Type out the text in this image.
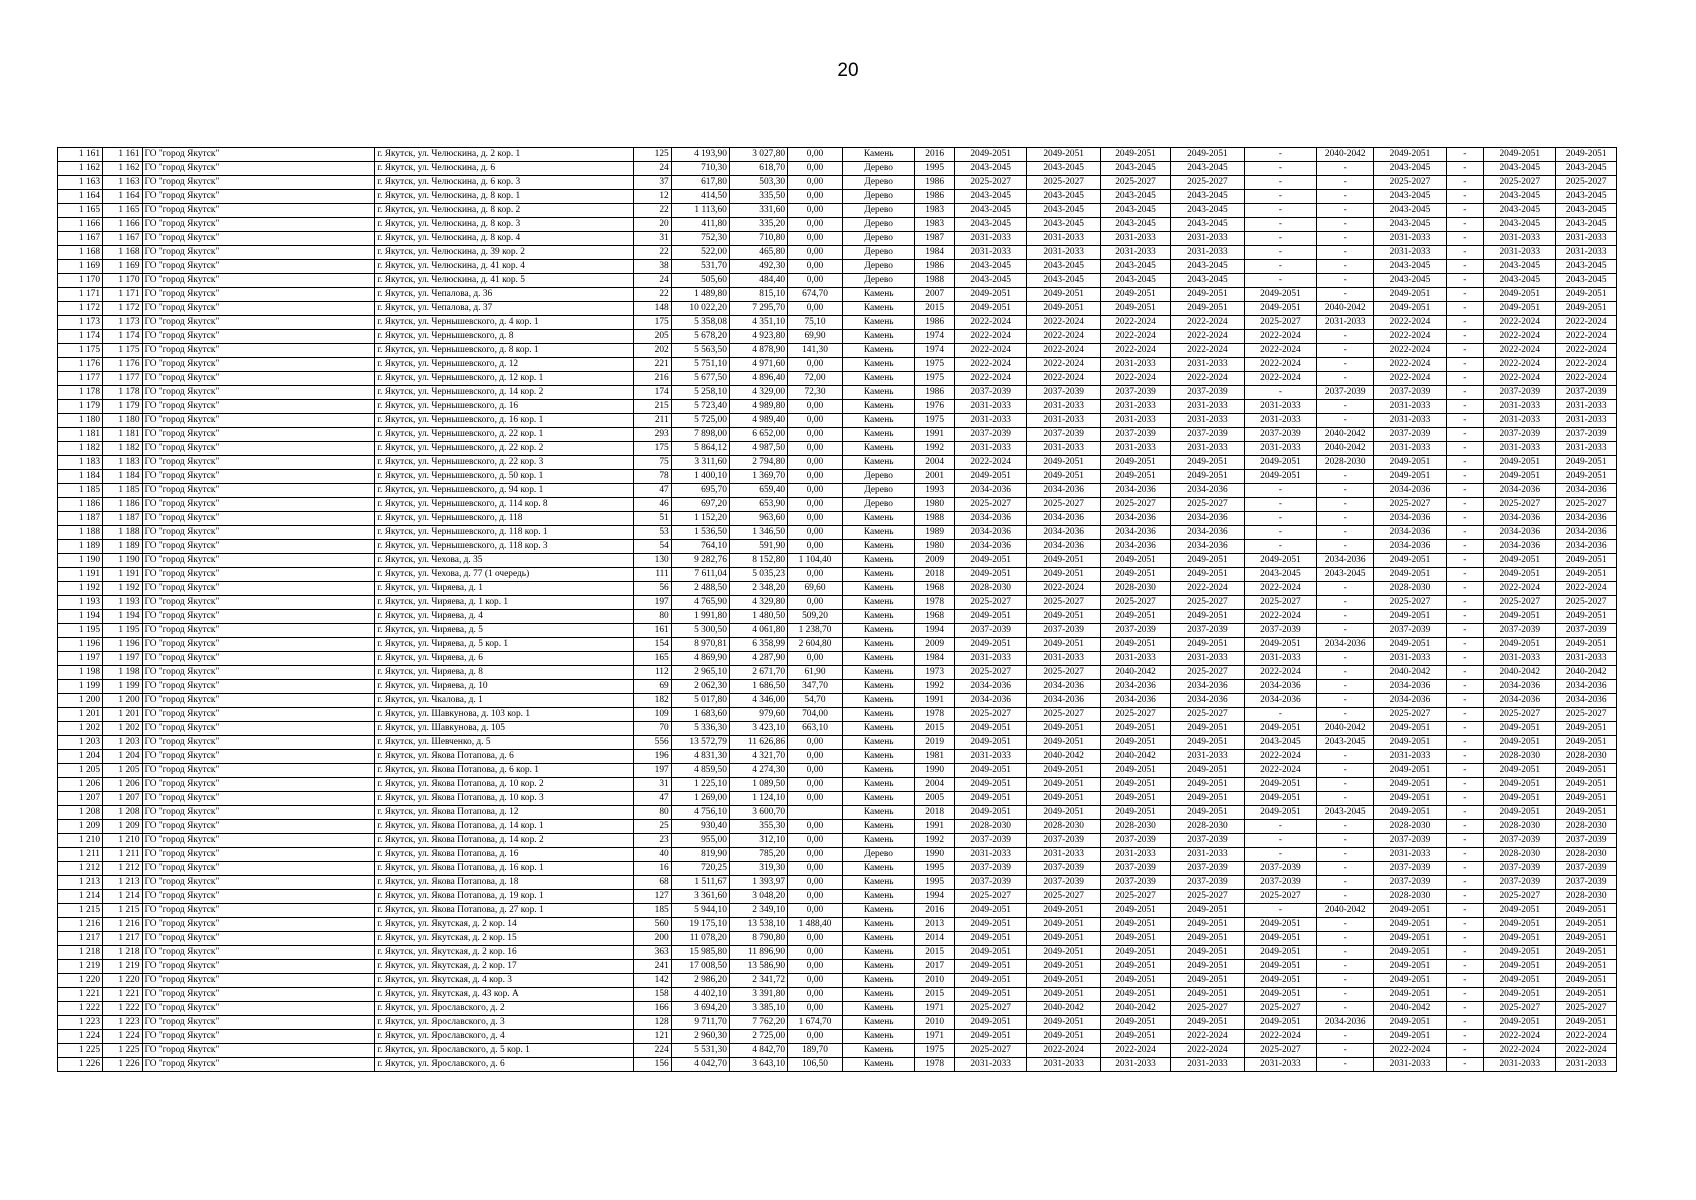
20
1 161	1 161	ГО "город Якутск"	г. Якутск, ул. Челюскина, д. 2 кор. 1	125	4 193,90	3 027,80	0,00	Камень	2016	2049-2051	2049-2051	2049-2051	2049-2051	-	2040-2042	2049-2051	-	2049-2051	2049-2051
1 162	1 162	ГО "город Якутск"	г. Якутск, ул. Челюскина, д. 6	24	710,30	618,70	0,00	Дерево	1995	2043-2045	2043-2045	2043-2045	2043-2045	-	-	2043-2045	-	2043-2045	2043-2045
1 163	1 163	ГО "город Якутск"	г. Якутск, ул. Челюскина, д. 6 кор. 3	37	617,80	503,30	0,00	Дерево	1986	2025-2027	2025-2027	2025-2027	2025-2027	-	-	2025-2027	-	2025-2027	2025-2027
1 164	1 164	ГО "город Якутск"	г. Якутск, ул. Челюскина, д. 8 кор. 1	12	414,50	335,50	0,00	Дерево	1986	2043-2045	2043-2045	2043-2045	2043-2045	-	-	2043-2045	-	2043-2045	2043-2045
1 165	1 165	ГО "город Якутск"	г. Якутск, ул. Челюскина, д. 8 кор. 2	22	1 113,60	331,60	0,00	Дерево	1983	2043-2045	2043-2045	2043-2045	2043-2045	-	-	2043-2045	-	2043-2045	2043-2045
1 166	1 166	ГО "город Якутск"	г. Якутск, ул. Челюскина, д. 8 кор. 3	20	411,80	335,20	0,00	Дерево	1983	2043-2045	2043-2045	2043-2045	2043-2045	-	-	2043-2045	-	2043-2045	2043-2045
1 167	1 167	ГО "город Якутск"	г. Якутск, ул. Челюскина, д. 8 кор. 4	31	752,30	710,80	0,00	Дерево	1987	2031-2033	2031-2033	2031-2033	2031-2033	-	-	2031-2033	-	2031-2033	2031-2033
1 168	1 168	ГО "город Якутск"	г. Якутск, ул. Челюскина, д. 39 кор. 2	22	522,00	465,80	0,00	Дерево	1984	2031-2033	2031-2033	2031-2033	2031-2033	-	-	2031-2033	-	2031-2033	2031-2033
1 169	1 169	ГО "город Якутск"	г. Якутск, ул. Челюскина, д. 41 кор. 4	38	531,70	492,30	0,00	Дерево	1986	2043-2045	2043-2045	2043-2045	2043-2045	-	-	2043-2045	-	2043-2045	2043-2045
1 170	1 170	ГО "город Якутск"	г. Якутск, ул. Челюскина, д. 41 кор. 5	24	505,60	484,40	0,00	Дерево	1988	2043-2045	2043-2045	2043-2045	2043-2045	-	-	2043-2045	-	2043-2045	2043-2045
1 171	1 171	ГО "город Якутск"	г. Якутск, ул. Чепалова, д. 36	22	1 489,80	815,10	674,70	Камень	2007	2049-2051	2049-2051	2049-2051	2049-2051	2049-2051	-	2049-2051	-	2049-2051	2049-2051
1 172	1 172	ГО "город Якутск"	г. Якутск, ул. Чепалова, д. 37	148	10 022,20	7 295,70	0,00	Камень	2015	2049-2051	2049-2051	2049-2051	2049-2051	2049-2051	2040-2042	2049-2051	-	2049-2051	2049-2051
1 173	1 173	ГО "город Якутск"	г. Якутск, ул. Чернышевского, д. 4 кор. 1	175	5 358,08	4 351,10	75,10	Камень	1986	2022-2024	2022-2024	2022-2024	2022-2024	2025-2027	2031-2033	2022-2024	-	2022-2024	2022-2024
1 174	1 174	ГО "город Якутск"	г. Якутск, ул. Чернышевского, д. 8	205	5 678,20	4 923,80	69,90	Камень	1974	2022-2024	2022-2024	2022-2024	2022-2024	2022-2024	-	2022-2024	-	2022-2024	2022-2024
1 175	1 175	ГО "город Якутск"	г. Якутск, ул. Чернышевского, д. 8 кор. 1	202	5 563,50	4 878,90	141,30	Камень	1974	2022-2024	2022-2024	2022-2024	2022-2024	2022-2024	-	2022-2024	-	2022-2024	2022-2024
1 176	1 176	ГО "город Якутск"	г. Якутск, ул. Чернышевского, д. 12	221	5 751,10	4 971,60	0,00	Камень	1975	2022-2024	2022-2024	2031-2033	2031-2033	2022-2024	-	2022-2024	-	2022-2024	2022-2024
1 177	1 177	ГО "город Якутск"	г. Якутск, ул. Чернышевского, д. 12 кор. 1	216	5 677,50	4 896,40	72,00	Камень	1975	2022-2024	2022-2024	2022-2024	2022-2024	2022-2024	-	2022-2024	-	2022-2024	2022-2024
1 178	1 178	ГО "город Якутск"	г. Якутск, ул. Чернышевского, д. 14 кор. 2	174	5 258,10	4 329,00	72,30	Камень	1986	2037-2039	2037-2039	2037-2039	2037-2039	-	2037-2039	2037-2039	-	2037-2039	2037-2039
1 179	1 179	ГО "город Якутск"	г. Якутск, ул. Чернышевского, д. 16	215	5 723,40	4 989,80	0,00	Камень	1976	2031-2033	2031-2033	2031-2033	2031-2033	2031-2033	-	2031-2033	-	2031-2033	2031-2033
1 180	1 180	ГО "город Якутск"	г. Якутск, ул. Чернышевского, д. 16 кор. 1	211	5 725,00	4 989,40	0,00	Камень	1975	2031-2033	2031-2033	2031-2033	2031-2033	2031-2033	-	2031-2033	-	2031-2033	2031-2033
1 181	1 181	ГО "город Якутск"	г. Якутск, ул. Чернышевского, д. 22 кор. 1	293	7 898,00	6 652,00	0,00	Камень	1991	2037-2039	2037-2039	2037-2039	2037-2039	2037-2039	2040-2042	2037-2039	-	2037-2039	2037-2039
1 182	1 182	ГО "город Якутск"	г. Якутск, ул. Чернышевского, д. 22 кор. 2	175	5 864,12	4 987,50	0,00	Камень	1992	2031-2033	2031-2033	2031-2033	2031-2033	2031-2033	2040-2042	2031-2033	-	2031-2033	2031-2033
1 183	1 183	ГО "город Якутск"	г. Якутск, ул. Чернышевского, д. 22 кор. 3	75	3 311,60	2 794,80	0,00	Камень	2004	2022-2024	2049-2051	2049-2051	2049-2051	2049-2051	2028-2030	2049-2051	-	2049-2051	2049-2051
1 184	1 184	ГО "город Якутск"	г. Якутск, ул. Чернышевского, д. 50 кор. 1	78	1 400,10	1 369,70	0,00	Дерево	2001	2049-2051	2049-2051	2049-2051	2049-2051	2049-2051	-	2049-2051	-	2049-2051	2049-2051
1 185	1 185	ГО "город Якутск"	г. Якутск, ул. Чернышевского, д. 94 кор. 1	47	695,70	659,40	0,00	Дерево	1993	2034-2036	2034-2036	2034-2036	2034-2036	-	-	2034-2036	-	2034-2036	2034-2036
1 186	1 186	ГО "город Якутск"	г. Якутск, ул. Чернышевского, д. 114 кор. 8	46	697,20	653,90	0,00	Дерево	1980	2025-2027	2025-2027	2025-2027	2025-2027	-	-	2025-2027	-	2025-2027	2025-2027
1 187	1 187	ГО "город Якутск"	г. Якутск, ул. Чернышевского, д. 118	51	1 152,20	963,60	0,00	Камень	1988	2034-2036	2034-2036	2034-2036	2034-2036	-	-	2034-2036	-	2034-2036	2034-2036
1 188	1 188	ГО "город Якутск"	г. Якутск, ул. Чернышевского, д. 118 кор. 1	53	1 536,50	1 346,50	0,00	Камень	1989	2034-2036	2034-2036	2034-2036	2034-2036	-	-	2034-2036	-	2034-2036	2034-2036
1 189	1 189	ГО "город Якутск"	г. Якутск, ул. Чернышевского, д. 118 кор. 3	54	764,10	591,90	0,00	Камень	1980	2034-2036	2034-2036	2034-2036	2034-2036	-	-	2034-2036	-	2034-2036	2034-2036
1 190	1 190	ГО "город Якутск"	г. Якутск, ул. Чехова, д. 35	130	9 282,76	8 152,80	1 104,40	Камень	2009	2049-2051	2049-2051	2049-2051	2049-2051	2049-2051	2034-2036	2049-2051	-	2049-2051	2049-2051
1 191	1 191	ГО "город Якутск"	г. Якутск, ул. Чехова, д. 77 (1 очередь)	111	7 611,04	5 035,23	0,00	Камень	2018	2049-2051	2049-2051	2049-2051	2049-2051	2043-2045	2043-2045	2049-2051	-	2049-2051	2049-2051
1 192	1 192	ГО "город Якутск"	г. Якутск, ул. Чиряева, д. 1	56	2 488,50	2 348,20	69,60	Камень	1968	2028-2030	2022-2024	2028-2030	2022-2024	2022-2024	-	2028-2030	-	2022-2024	2022-2024
1 193	1 193	ГО "город Якутск"	г. Якутск, ул. Чиряева, д. 1 кор. 1	197	4 765,90	4 329,80	0,00	Камень	1978	2025-2027	2025-2027	2025-2027	2025-2027	2025-2027	-	2025-2027	-	2025-2027	2025-2027
1 194	1 194	ГО "город Якутск"	г. Якутск, ул. Чиряева, д. 4	80	1 991,80	1 480,50	509,20	Камень	1968	2049-2051	2049-2051	2049-2051	2049-2051	2022-2024	-	2049-2051	-	2049-2051	2049-2051
1 195	1 195	ГО "город Якутск"	г. Якутск, ул. Чиряева, д. 5	161	5 300,50	4 061,80	1 238,70	Камень	1994	2037-2039	2037-2039	2037-2039	2037-2039	2037-2039	-	2037-2039	-	2037-2039	2037-2039
1 196	1 196	ГО "город Якутск"	г. Якутск, ул. Чиряева, д. 5 кор. 1	154	8 970,81	6 358,99	2 604,80	Камень	2009	2049-2051	2049-2051	2049-2051	2049-2051	2049-2051	2034-2036	2049-2051	-	2049-2051	2049-2051
1 197	1 197	ГО "город Якутск"	г. Якутск, ул. Чиряева, д. 6	165	4 869,90	4 287,90	0,00	Камень	1984	2031-2033	2031-2033	2031-2033	2031-2033	2031-2033	-	2031-2033	-	2031-2033	2031-2033
1 198	1 198	ГО "город Якутск"	г. Якутск, ул. Чиряева, д. 8	112	2 965,10	2 671,70	61,90	Камень	1973	2025-2027	2025-2027	2040-2042	2025-2027	2022-2024	-	2040-2042	-	2040-2042	2040-2042
1 199	1 199	ГО "город Якутск"	г. Якутск, ул. Чиряева, д. 10	69	2 062,30	1 686,50	347,70	Камень	1992	2034-2036	2034-2036	2034-2036	2034-2036	2034-2036	-	2034-2036	-	2034-2036	2034-2036
1 200	1 200	ГО "город Якутск"	г. Якутск, ул. Чкалова, д. 1	182	5 017,80	4 346,00	54,70	Камень	1991	2034-2036	2034-2036	2034-2036	2034-2036	2034-2036	-	2034-2036	-	2034-2036	2034-2036
1 201	1 201	ГО "город Якутск"	г. Якутск, ул. Шавкунова, д. 103 кор. 1	109	1 683,60	979,60	704,00	Камень	1978	2025-2027	2025-2027	2025-2027	2025-2027	-	-	2025-2027	-	2025-2027	2025-2027
1 202	1 202	ГО "город Якутск"	г. Якутск, ул. Шавкунова, д. 105	70	5 336,30	3 423,10	663,10	Камень	2015	2049-2051	2049-2051	2049-2051	2049-2051	2049-2051	2040-2042	2049-2051	-	2049-2051	2049-2051
1 203	1 203	ГО "город Якутск"	г. Якутск, ул. Шевченко, д. 5	556	13 572,79	11 626,86	0,00	Камень	2019	2049-2051	2049-2051	2049-2051	2049-2051	2043-2045	2043-2045	2049-2051	-	2049-2051	2049-2051
1 204	1 204	ГО "город Якутск"	г. Якутск, ул. Якова Потапова, д. 6	196	4 831,30	4 321,70	0,00	Камень	1981	2031-2033	2040-2042	2040-2042	2031-2033	2022-2024	-	2031-2033	-	2028-2030	2028-2030
1 205	1 205	ГО "город Якутск"	г. Якутск, ул. Якова Потапова, д. 6 кор. 1	197	4 859,50	4 274,30	0,00	Камень	1990	2049-2051	2049-2051	2049-2051	2049-2051	2022-2024	-	2049-2051	-	2049-2051	2049-2051
1 206	1 206	ГО "город Якутск"	г. Якутск, ул. Якова Потапова, д. 10 кор. 2	31	1 225,10	1 089,50	0,00	Камень	2004	2049-2051	2049-2051	2049-2051	2049-2051	2049-2051	-	2049-2051	-	2049-2051	2049-2051
1 207	1 207	ГО "город Якутск"	г. Якутск, ул. Якова Потапова, д. 10 кор. 3	47	1 269,00	1 124,10	0,00	Камень	2005	2049-2051	2049-2051	2049-2051	2049-2051	2049-2051	-	2049-2051	-	2049-2051	2049-2051
1 208	1 208	ГО "город Якутск"	г. Якутск, ул. Якова Потапова, д. 12	80	4 756,10	3 600,70		Камень	2018	2049-2051	2049-2051	2049-2051	2049-2051	2049-2051	2043-2045	2049-2051	-	2049-2051	2049-2051
1 209	1 209	ГО "город Якутск"	г. Якутск, ул. Якова Потапова, д. 14 кор. 1	25	930,40	355,30	0,00	Камень	1991	2028-2030	2028-2030	2028-2030	2028-2030	-	-	2028-2030	-	2028-2030	2028-2030
1 210	1 210	ГО "город Якутск"	г. Якутск, ул. Якова Потапова, д. 14 кор. 2	23	955,00	312,10	0,00	Камень	1992	2037-2039	2037-2039	2037-2039	2037-2039	-	-	2037-2039	-	2037-2039	2037-2039
1 211	1 211	ГО "город Якутск"	г. Якутск, ул. Якова Потапова, д. 16	40	819,90	785,20	0,00	Дерево	1990	2031-2033	2031-2033	2031-2033	2031-2033	-	-	2031-2033	-	2028-2030	2028-2030
1 212	1 212	ГО "город Якутск"	г. Якутск, ул. Якова Потапова, д. 16 кор. 1	16	720,25	319,30	0,00	Камень	1995	2037-2039	2037-2039	2037-2039	2037-2039	2037-2039	-	2037-2039	-	2037-2039	2037-2039
1 213	1 213	ГО "город Якутск"	г. Якутск, ул. Якова Потапова, д. 18	68	1 511,67	1 393,97	0,00	Камень	1995	2037-2039	2037-2039	2037-2039	2037-2039	2037-2039	-	2037-2039	-	2037-2039	2037-2039
1 214	1 214	ГО "город Якутск"	г. Якутск, ул. Якова Потапова, д. 19 кор. 1	127	3 361,60	3 048,20	0,00	Камень	1994	2025-2027	2025-2027	2025-2027	2025-2027	2025-2027	-	2028-2030	-	2025-2027	2028-2030
1 215	1 215	ГО "город Якутск"	г. Якутск, ул. Якова Потапова, д. 27 кор. 1	185	5 944,10	2 349,10	0,00	Камень	2016	2049-2051	2049-2051	2049-2051	2049-2051	-	2040-2042	2049-2051	-	2049-2051	2049-2051
1 216	1 216	ГО "город Якутск"	г. Якутск, ул. Якутская, д. 2 кор. 14	560	19 175,10	13 538,10	1 488,40	Камень	2013	2049-2051	2049-2051	2049-2051	2049-2051	2049-2051	-	2049-2051	-	2049-2051	2049-2051
1 217	1 217	ГО "город Якутск"	г. Якутск, ул. Якутская, д. 2 кор. 15	200	11 078,20	8 790,80	0,00	Камень	2014	2049-2051	2049-2051	2049-2051	2049-2051	2049-2051	-	2049-2051	-	2049-2051	2049-2051
1 218	1 218	ГО "город Якутск"	г. Якутск, ул. Якутская, д. 2 кор. 16	363	15 985,80	11 896,90	0,00	Камень	2015	2049-2051	2049-2051	2049-2051	2049-2051	2049-2051	-	2049-2051	-	2049-2051	2049-2051
1 219	1 219	ГО "город Якутск"	г. Якутск, ул. Якутская, д. 2 кор. 17	241	17 008,50	13 586,90	0,00	Камень	2017	2049-2051	2049-2051	2049-2051	2049-2051	2049-2051	-	2049-2051	-	2049-2051	2049-2051
1 220	1 220	ГО "город Якутск"	г. Якутск, ул. Якутская, д. 4 кор. 3	142	2 986,20	2 341,72	0,00	Камень	2010	2049-2051	2049-2051	2049-2051	2049-2051	2049-2051	-	2049-2051	-	2049-2051	2049-2051
1 221	1 221	ГО "город Якутск"	г. Якутск, ул. Якутская, д. 43 кор. А	158	4 402,10	3 391,80	0,00	Камень	2015	2049-2051	2049-2051	2049-2051	2049-2051	2049-2051	-	2049-2051	-	2049-2051	2049-2051
1 222	1 222	ГО "город Якутск"	г. Якутск, ул. Ярославского, д. 2	166	3 694,20	3 385,10	0,00	Камень	1971	2025-2027	2040-2042	2040-2042	2025-2027	2025-2027	-	2040-2042	-	2025-2027	2025-2027
1 223	1 223	ГО "город Якутск"	г. Якутск, ул. Ярославского, д. 3	128	9 711,70	7 762,20	1 674,70	Камень	2010	2049-2051	2049-2051	2049-2051	2049-2051	2049-2051	2034-2036	2049-2051	-	2049-2051	2049-2051
1 224	1 224	ГО "город Якутск"	г. Якутск, ул. Ярославского, д. 4	121	2 960,30	2 725,00	0,00	Камень	1971	2049-2051	2049-2051	2049-2051	2022-2024	2022-2024	-	2049-2051	-	2022-2024	2022-2024
1 225	1 225	ГО "город Якутск"	г. Якутск, ул. Ярославского, д. 5 кор. 1	224	5 531,30	4 842,70	189,70	Камень	1975	2025-2027	2022-2024	2022-2024	2022-2024	2025-2027	-	2022-2024	-	2022-2024	2022-2024
1 226	1 226	ГО "город Якутск"	г. Якутск, ул. Ярославского, д. 6	156	4 042,70	3 643,10	106,50	Камень	1978	2031-2033	2031-2033	2031-2033	2031-2033	2031-2033	-	2031-2033	-	2031-2033	2031-2033
